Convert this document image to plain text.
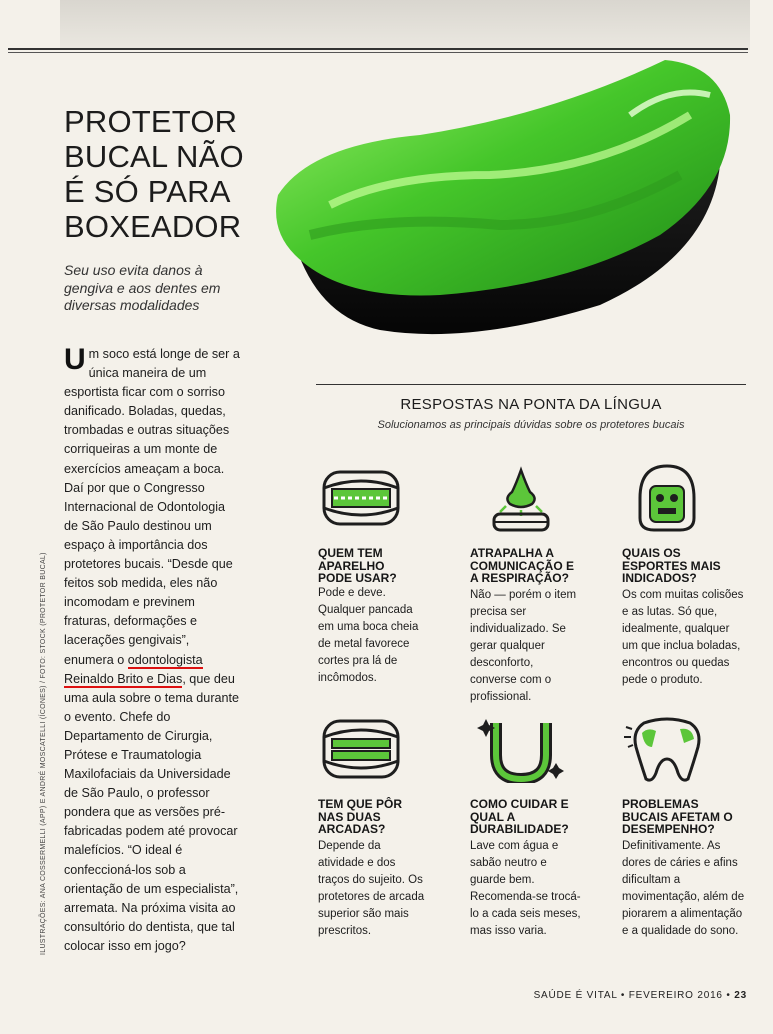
PROTETOR
BUCAL NÃO
É SÓ PARA
BOXEADOR

Seu uso evita danos à gengiva e aos dentes em diversas modalidades

Um soco está longe de ser a única maneira de um esportista ficar com o sorriso danificado. Boladas, quedas, trombadas e outras situações corriqueiras a um monte de exercícios ameaçam a boca. Daí por que o Congresso Internacional de Odontologia de São Paulo destinou um espaço à importância dos protetores bucais. “Desde que feitos sob medida, eles não incomodam e previnem fraturas, deformações e lacerações gengivais”, enumera o odontologista Reinaldo Brito e Dias, que deu uma aula sobre o tema durante o evento. Chefe do Departamento de Cirurgia, Prótese e Traumatologia Maxilofaciais da Universidade de São Paulo, o professor pondera que as versões pré-fabricadas podem até provocar malefícios. “O ideal é confeccioná-los sob a orientação de um especialista”, arremata. Na próxima visita ao consultório do dentista, que tal colocar isso em jogo?

ILUSTRAÇÕES: ANA COSSERMELLI (APP) E ANDRÉ MOSCATELLI (ÍCONES) / FOTO: STOCK (PROTETOR BUCAL)
RESPOSTAS NA PONTA DA LÍNGUA

Solucionamos as principais dúvidas sobre os protetores bucais

QUEM TEM APARELHO PODE USAR?

Pode e deve. Qualquer pancada em uma boca cheia de metal favorece cortes pra lá de incômodos.

ATRAPALHA A COMUNICAÇÃO E A RESPIRAÇÃO?

Não — porém o item precisa ser individualizado. Se gerar qualquer desconforto, converse com o profissional.

QUAIS OS ESPORTES MAIS INDICADOS?

Os com muitas colisões e as lutas. Só que, idealmente, qualquer um que inclua boladas, encontros ou quedas pede o produto.

TEM QUE PÔR NAS DUAS ARCADAS?

Depende da atividade e dos traços do sujeito. Os protetores de arcada superior são mais prescritos.

COMO CUIDAR E QUAL A DURABILIDADE?

Lave com água e sabão neutro e guarde bem. Recomenda-se trocá-lo a cada seis meses, mas isso varia.

PROBLEMAS BUCAIS AFETAM O DESEMPENHO?

Definitivamente. As dores de cáries e afins dificultam a movimentação, além de piorarem a alimentação e a qualidade do sono.

SAÚDE É VITAL • FEVEREIRO 2016 • 23
